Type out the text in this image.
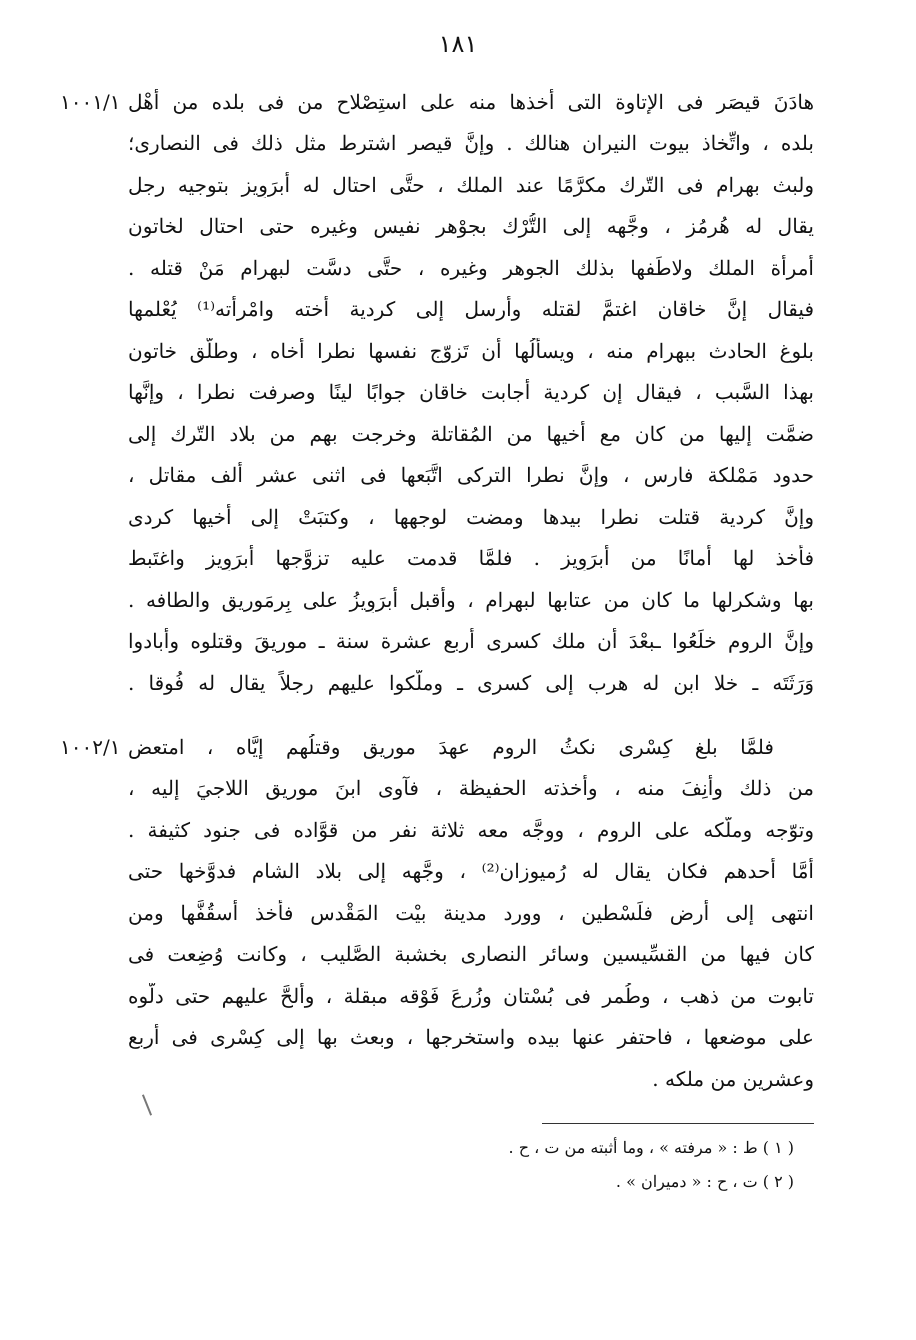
١٨١
١٠٠١/١
١٠٠٢/١
هادَنَ قيصَر فى الإتاوة التى أخذها منه على استِصْلاح من فى بلده من أهْل
بلده ، واتِّخاذ بيوت النيران هنالك . وإنَّ قيصر اشترط مثل ذلك فى النصارى؛
ولبث بهرام فى التّرك مكرَّمًا عند الملك ، حتَّى احتال له أبرَوِيز بتوجيه رجل
يقال له هُرمُز ، وجَّهه إلى التُّرْك بجوْهر نفيس وغيره حتى احتال لخاتون
أمرأة الملك ولاطَفها بذلك الجوهر وغيره ، حتَّى دسَّت لبهرام مَنْ قتله .
فيقال إنَّ خاقان اغتمَّ لقتله وأرسل إلى كردية أخته وامْرأته⁽¹⁾ يُعْلمها
بلوغ الحادث ببهرام منه ، ويسألُها أن تَزوّج نفسها نطرا أخاه ، وطلَّق خاتون
بهذا السَّبب ، فيقال إن كردية أجابت خاقان جوابًا لينًا وصرفت نطرا ، وإنَّها
ضمَّت إليها من كان مع أخيها من المُقاتلة وخرجت بهم من بلاد التّرك إلى
حدود مَمْلكة فارس ، وإنَّ نطرا التركى اتَّبَعها فى اثنى عشر ألف مقاتل ،
وإنَّ كردية قتلت نطرا بيدها ومضت لوجهها ، وكتبَتْ إلى أخيها كردى
فأخذ لها أمانًا من أبرَوِيز . فلمَّا قدمت عليه تزوَّجها أبرَوِيز واغتَبط
بها وشكرلها ما كان من عتابها لبهرام ، وأقبل أبرَوِيزُ على بِرمَوريق والطافه .
وإنَّ الروم خلَعُوا ـبعْدَ أن ملك كسرى أربع عشرة سنة ـ موريقَ وقتلوه وأبادوا
وَرَثَتَه ـ خلا ابن له هرب إلى كسرى ـ وملَّكوا عليهم رجلاً يقال له فُوقا .
فلمَّا بلغ كِسْرى نكثُ الروم عهدَ موريق وقتلُهم إيَّاه ، امتعض
من ذلك وأنِفَ منه ، وأخذته الحفيظة ، فآوى ابنَ موريق اللاجيَ إليه ،
وتوّجه وملَّكه على الروم ، ووجَّه معه ثلاثة نفر من قوَّاده فى جنود كثيفة .
أمَّا أحدهم فكان يقال له رُميوزان⁽²⁾ ، وجَّهه إلى بلاد الشام فدوَّخها حتى
انتهى إلى أرض فلَسْطين ، وورد مدينة بيْت المَقْدس فأخذ أسقُفَّها ومن
كان فيها من القسِّيسين وسائر النصارى بخشبة الصَّليب ، وكانت وُضِعت فى
تابوت من ذهب ، وطُمر فى بُسْتان وزُرعَ فَوْقه مبقلة ، وألحَّ عليهم حتى دلُّوه
على موضعها ، فاحتفر عنها بيده واستخرجها ، وبعث بها إلى كِسْرى فى أربع
وعشرين من ملكه .
( ١ ) ط : « مرفته » ، وما أثبته من ت ، ح .
( ٢ ) ت ، ح : « دميران » .
